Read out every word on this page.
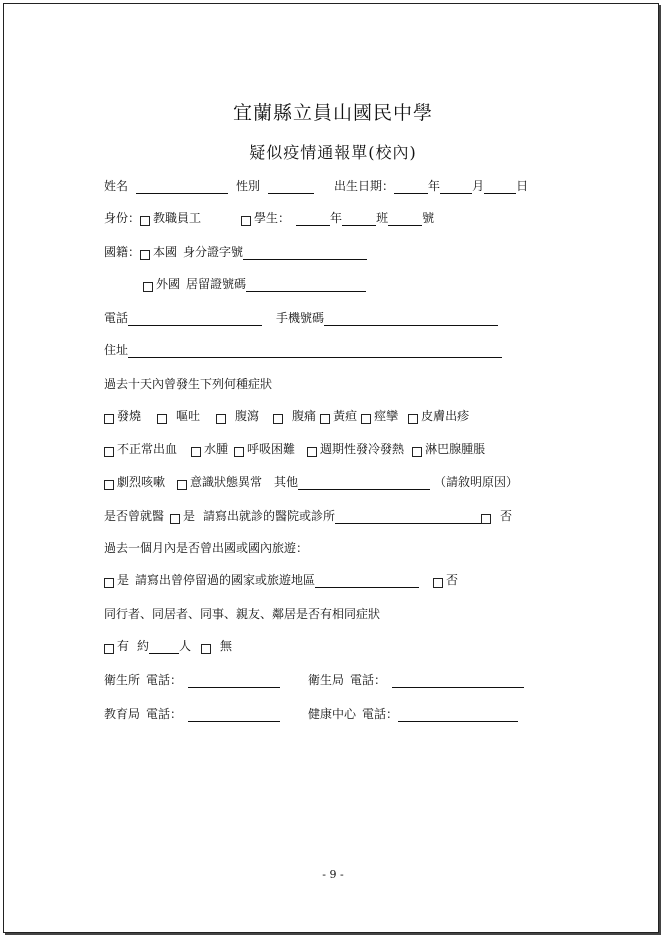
宜蘭縣立員山國民中學
疑似疫情通報單(校內)
姓名	性別	出生日期：	年	月	日
身份： 教職員工	學生：	年	班	號
國籍： 本國 身分證字號
外國 居留證號碼
電話	手機號碼
住址
過去十天內曾發生下列何種症狀
發燒	嘔吐	腹瀉	腹痛 黃疸 痙攣 皮膚出疹
不正常出血 水腫 呼吸困難 週期性發冷發熱 淋巴腺腫脹
劇烈咳嗽 意識狀態異常 其他	（請敘明原因）
是否曾就醫 是 請寫出就診的醫院或診所	否
過去一個月內是否曾出國或國內旅遊：
是 請寫出曾停留過的國家或旅遊地區	否
同行者、同居者、同事、親友、鄰居是否有相同症狀
有 約	人 無
衛生所 電話：	衛生局 電話：
教育局 電話：	健康中心 電話：
- 9 -
